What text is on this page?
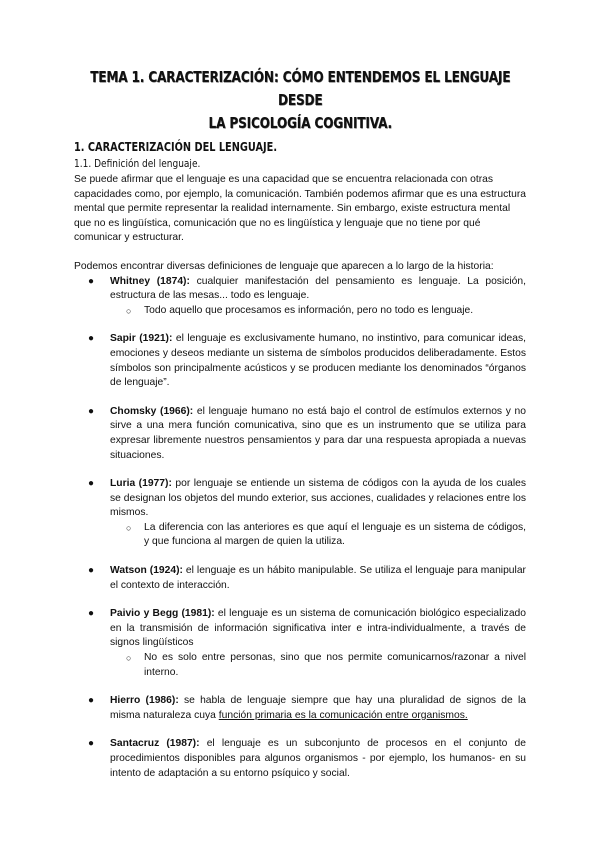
TEMA 1. CARACTERIZACIÓN: CÓMO ENTENDEMOS EL LENGUAJE DESDE
LA PSICOLOGÍA COGNITIVA.
1. CARACTERIZACIÓN DEL LENGUAJE.
1.1. Definición del lenguaje.

Se puede afirmar que el lenguaje es una capacidad que se encuentra relacionada con otras capacidades como, por ejemplo, la comunicación. También podemos afirmar que es una estructura mental que permite representar la realidad internamente. Sin embargo, existe estructura mental que no es lingüística, comunicación que no es lingüística y lenguaje que no tiene por qué comunicar y estructurar.

Podemos encontrar diversas definiciones de lenguaje que aparecen a lo largo de la historia:

● Whitney (1874): cualquier manifestación del pensamiento es lenguaje. La posición, estructura de las mesas... todo es lenguaje.
○ Todo aquello que procesamos es información, pero no todo es lenguaje.
● Sapir (1921): el lenguaje es exclusivamente humano, no instintivo, para comunicar ideas, emociones y deseos mediante un sistema de símbolos producidos deliberadamente. Estos símbolos son principalmente acústicos y se producen mediante los denominados “órganos de lenguaje”.
● Chomsky (1966): el lenguaje humano no está bajo el control de estímulos externos y no sirve a una mera función comunicativa, sino que es un instrumento que se utiliza para expresar libremente nuestros pensamientos y para dar una respuesta apropiada a nuevas situaciones.
● Luria (1977): por lenguaje se entiende un sistema de códigos con la ayuda de los cuales se designan los objetos del mundo exterior, sus acciones, cualidades y relaciones entre los mismos.
○ La diferencia con las anteriores es que aquí el lenguaje es un sistema de códigos, y que funciona al margen de quien la utiliza.
● Watson (1924): el lenguaje es un hábito manipulable. Se utiliza el lenguaje para manipular el contexto de interacción.
● Paivio y Begg (1981): el lenguaje es un sistema de comunicación biológico especializado en la transmisión de información significativa inter e intra-individualmente, a través de signos lingüísticos
○ No es solo entre personas, sino que nos permite comunicarnos/razonar a nivel interno.
● Hierro (1986): se habla de lenguaje siempre que hay una pluralidad de signos de la misma naturaleza cuya función primaria es la comunicación entre organismos.
● Santacruz (1987): el lenguaje es un subconjunto de procesos en el conjunto de procedimientos disponibles para algunos organismos - por ejemplo, los humanos- en su intento de adaptación a su entorno psíquico y social.
